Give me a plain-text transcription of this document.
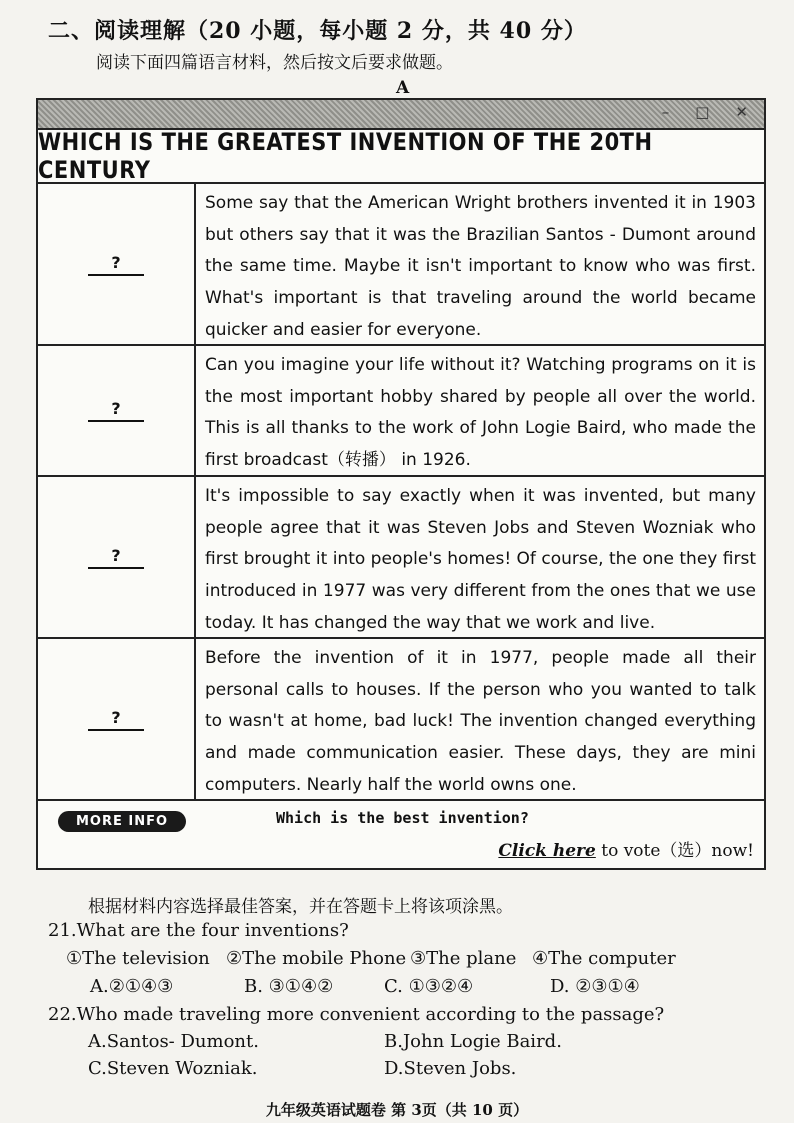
二、阅读理解（20 小题，每小题 2 分，共 40 分）
阅读下面四篇语言材料，然后按文后要求做题。
A
– □ ✕
WHICH IS THE GREATEST INVENTION OF THE 20TH CENTURY
?
Some say that the American Wright brothers invented it in 1903 but others say that it was the Brazilian Santos - Dumont around the same time. Maybe it isn't important to know who was first. What's important is that traveling around the world became quicker and easier for everyone.
?
Can you imagine your life without it? Watching programs on it is the most important hobby shared by people all over the world. This is all thanks to the work of John Logie Baird, who made the first broadcast（转播） in 1926.
?
It's impossible to say exactly when it was invented, but many people agree that it was Steven Jobs and Steven Wozniak who first brought it into people's homes! Of course, the one they first introduced in 1977 was very different from the ones that we use today. It has changed the way that we work and live.
?
Before the invention of it in 1977, people made all their personal calls to houses. If the person who you wanted to talk to wasn't at home, bad luck! The invention changed everything and made communication easier. These days, they are mini computers. Nearly half the world owns one.
MORE INFO	Which is the best invention?
Click here to vote（选）now!
根据材料内容选择最佳答案，并在答题卡上将该项涂黑。
21.What are the four inventions?
①The television ②The mobile Phone ③The plane ④The computer
A.②①④③	B. ③①④②	C. ①③②④	D. ②③①④
22.Who made traveling more convenient according to the passage?
A.Santos- Dumont.	B.John Logie Baird.
C.Steven Wozniak.	D.Steven Jobs.
九年级英语试题卷 第 3页（共 10 页）
